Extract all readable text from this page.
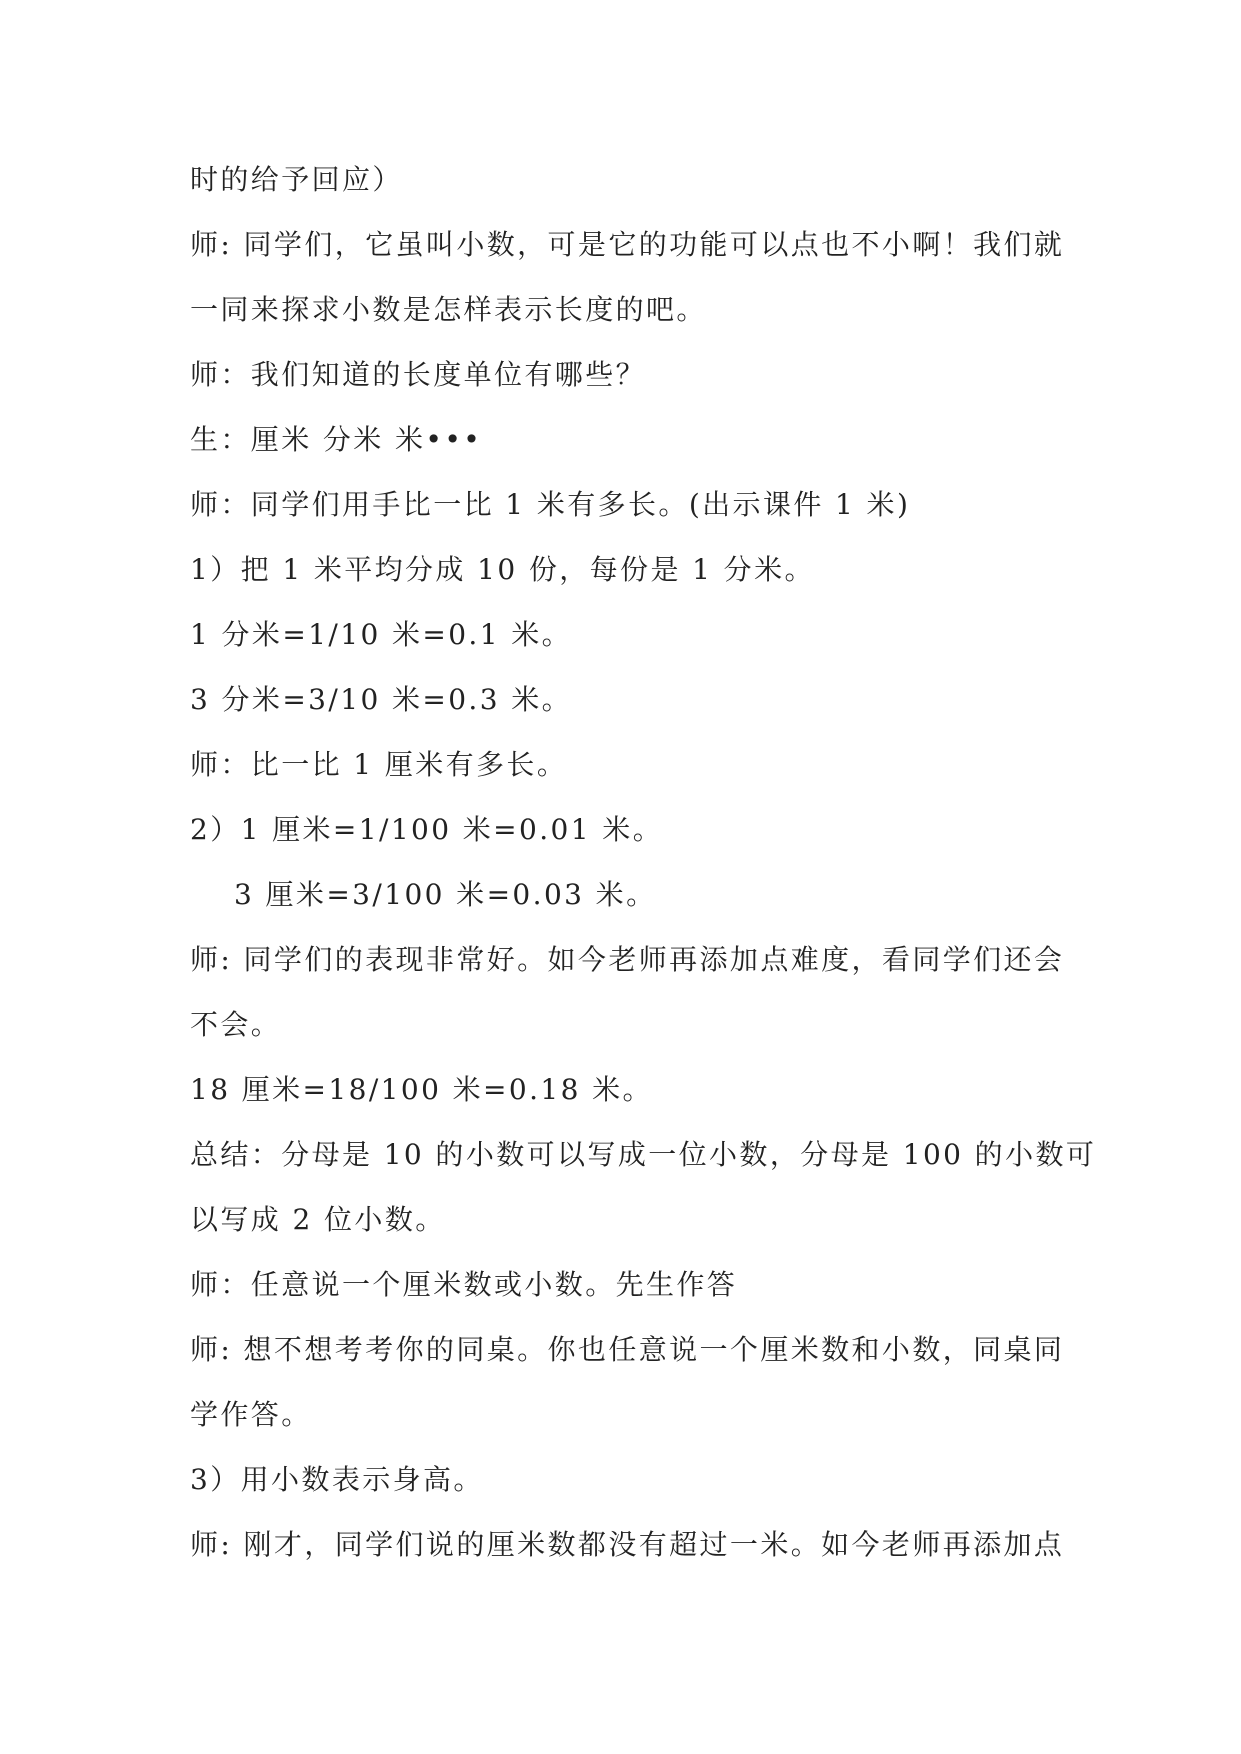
时的给予回应）
师: 同学们，它虽叫小数，可是它的功能可以点也不小啊！我们就
一同来探求小数是怎样表示长度的吧。
师：我们知道的长度单位有哪些？
生：厘米 分米 米•••
师：同学们用手比一比 1 米有多长。(出示课件 1 米)
1）把 1 米平均分成 10 份，每份是 1 分米。
1 分米=1/10 米=0.1 米。
3 分米=3/10 米=0.3 米。
师：比一比 1 厘米有多长。
2）1 厘米=1/100 米=0.01 米。
3 厘米=3/100 米=0.03 米。
师: 同学们的表现非常好。如今老师再添加点难度，看同学们还会
不会。
18 厘米=18/100 米=0.18 米。
总结：分母是 10 的小数可以写成一位小数，分母是 100 的小数可
以写成 2 位小数。
师：任意说一个厘米数或小数。先生作答
师: 想不想考考你的同桌。你也任意说一个厘米数和小数，同桌同
学作答。
3）用小数表示身高。
师: 刚才，同学们说的厘米数都没有超过一米。如今老师再添加点
